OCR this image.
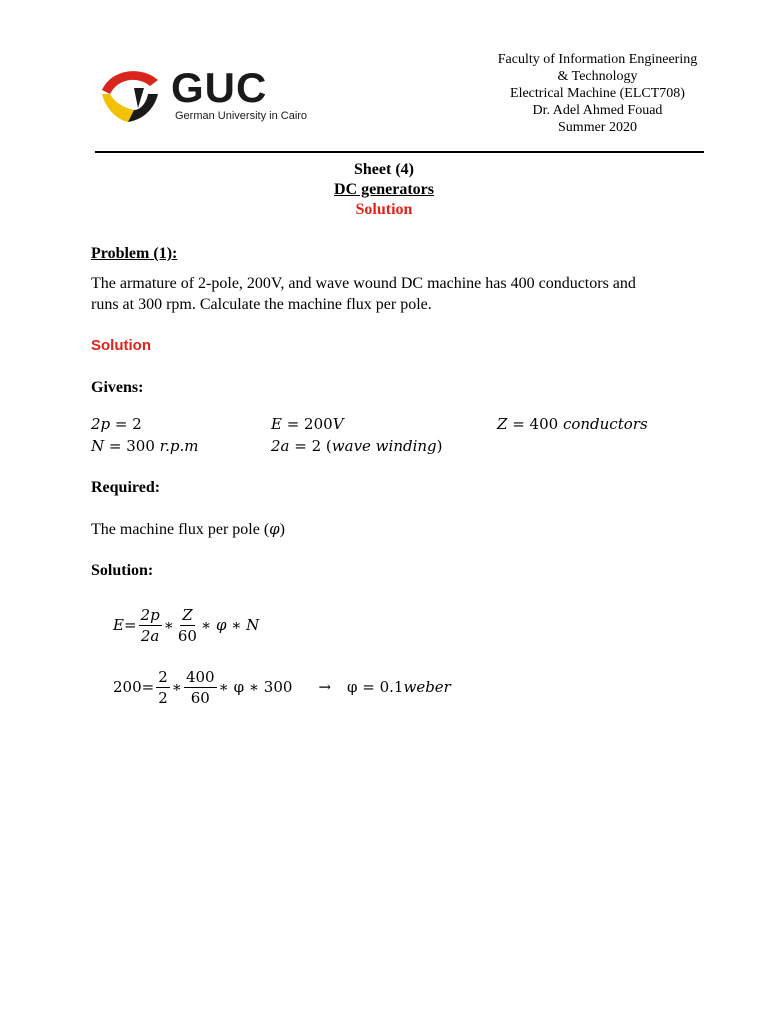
GUC
German University in Cairo
Faculty of Information Engineering
& Technology
Electrical Machine (ELCT708)
Dr. Adel Ahmed Fouad
Summer 2020
Sheet (4)
DC generators
Solution
Problem (1):
The armature of 2-pole, 200V, and wave wound DC machine has 400 conductors and
runs at 300 rpm. Calculate the machine flux per pole.
Solution
Givens:
2p = 2
N = 300 r.p.m
E = 200V
2a = 2 (wave winding)
Z = 400 conductors
Required:
The machine flux per pole (φ)
Solution:
$E = \frac{2p}{2a}$ ∗ $\frac{Z}{60}$ ∗ φ ∗ N
$200 = \frac{2}{2}$ ∗ $\frac{400}{60}$ ∗ φ ∗ 300 → φ = 0.1 weber
